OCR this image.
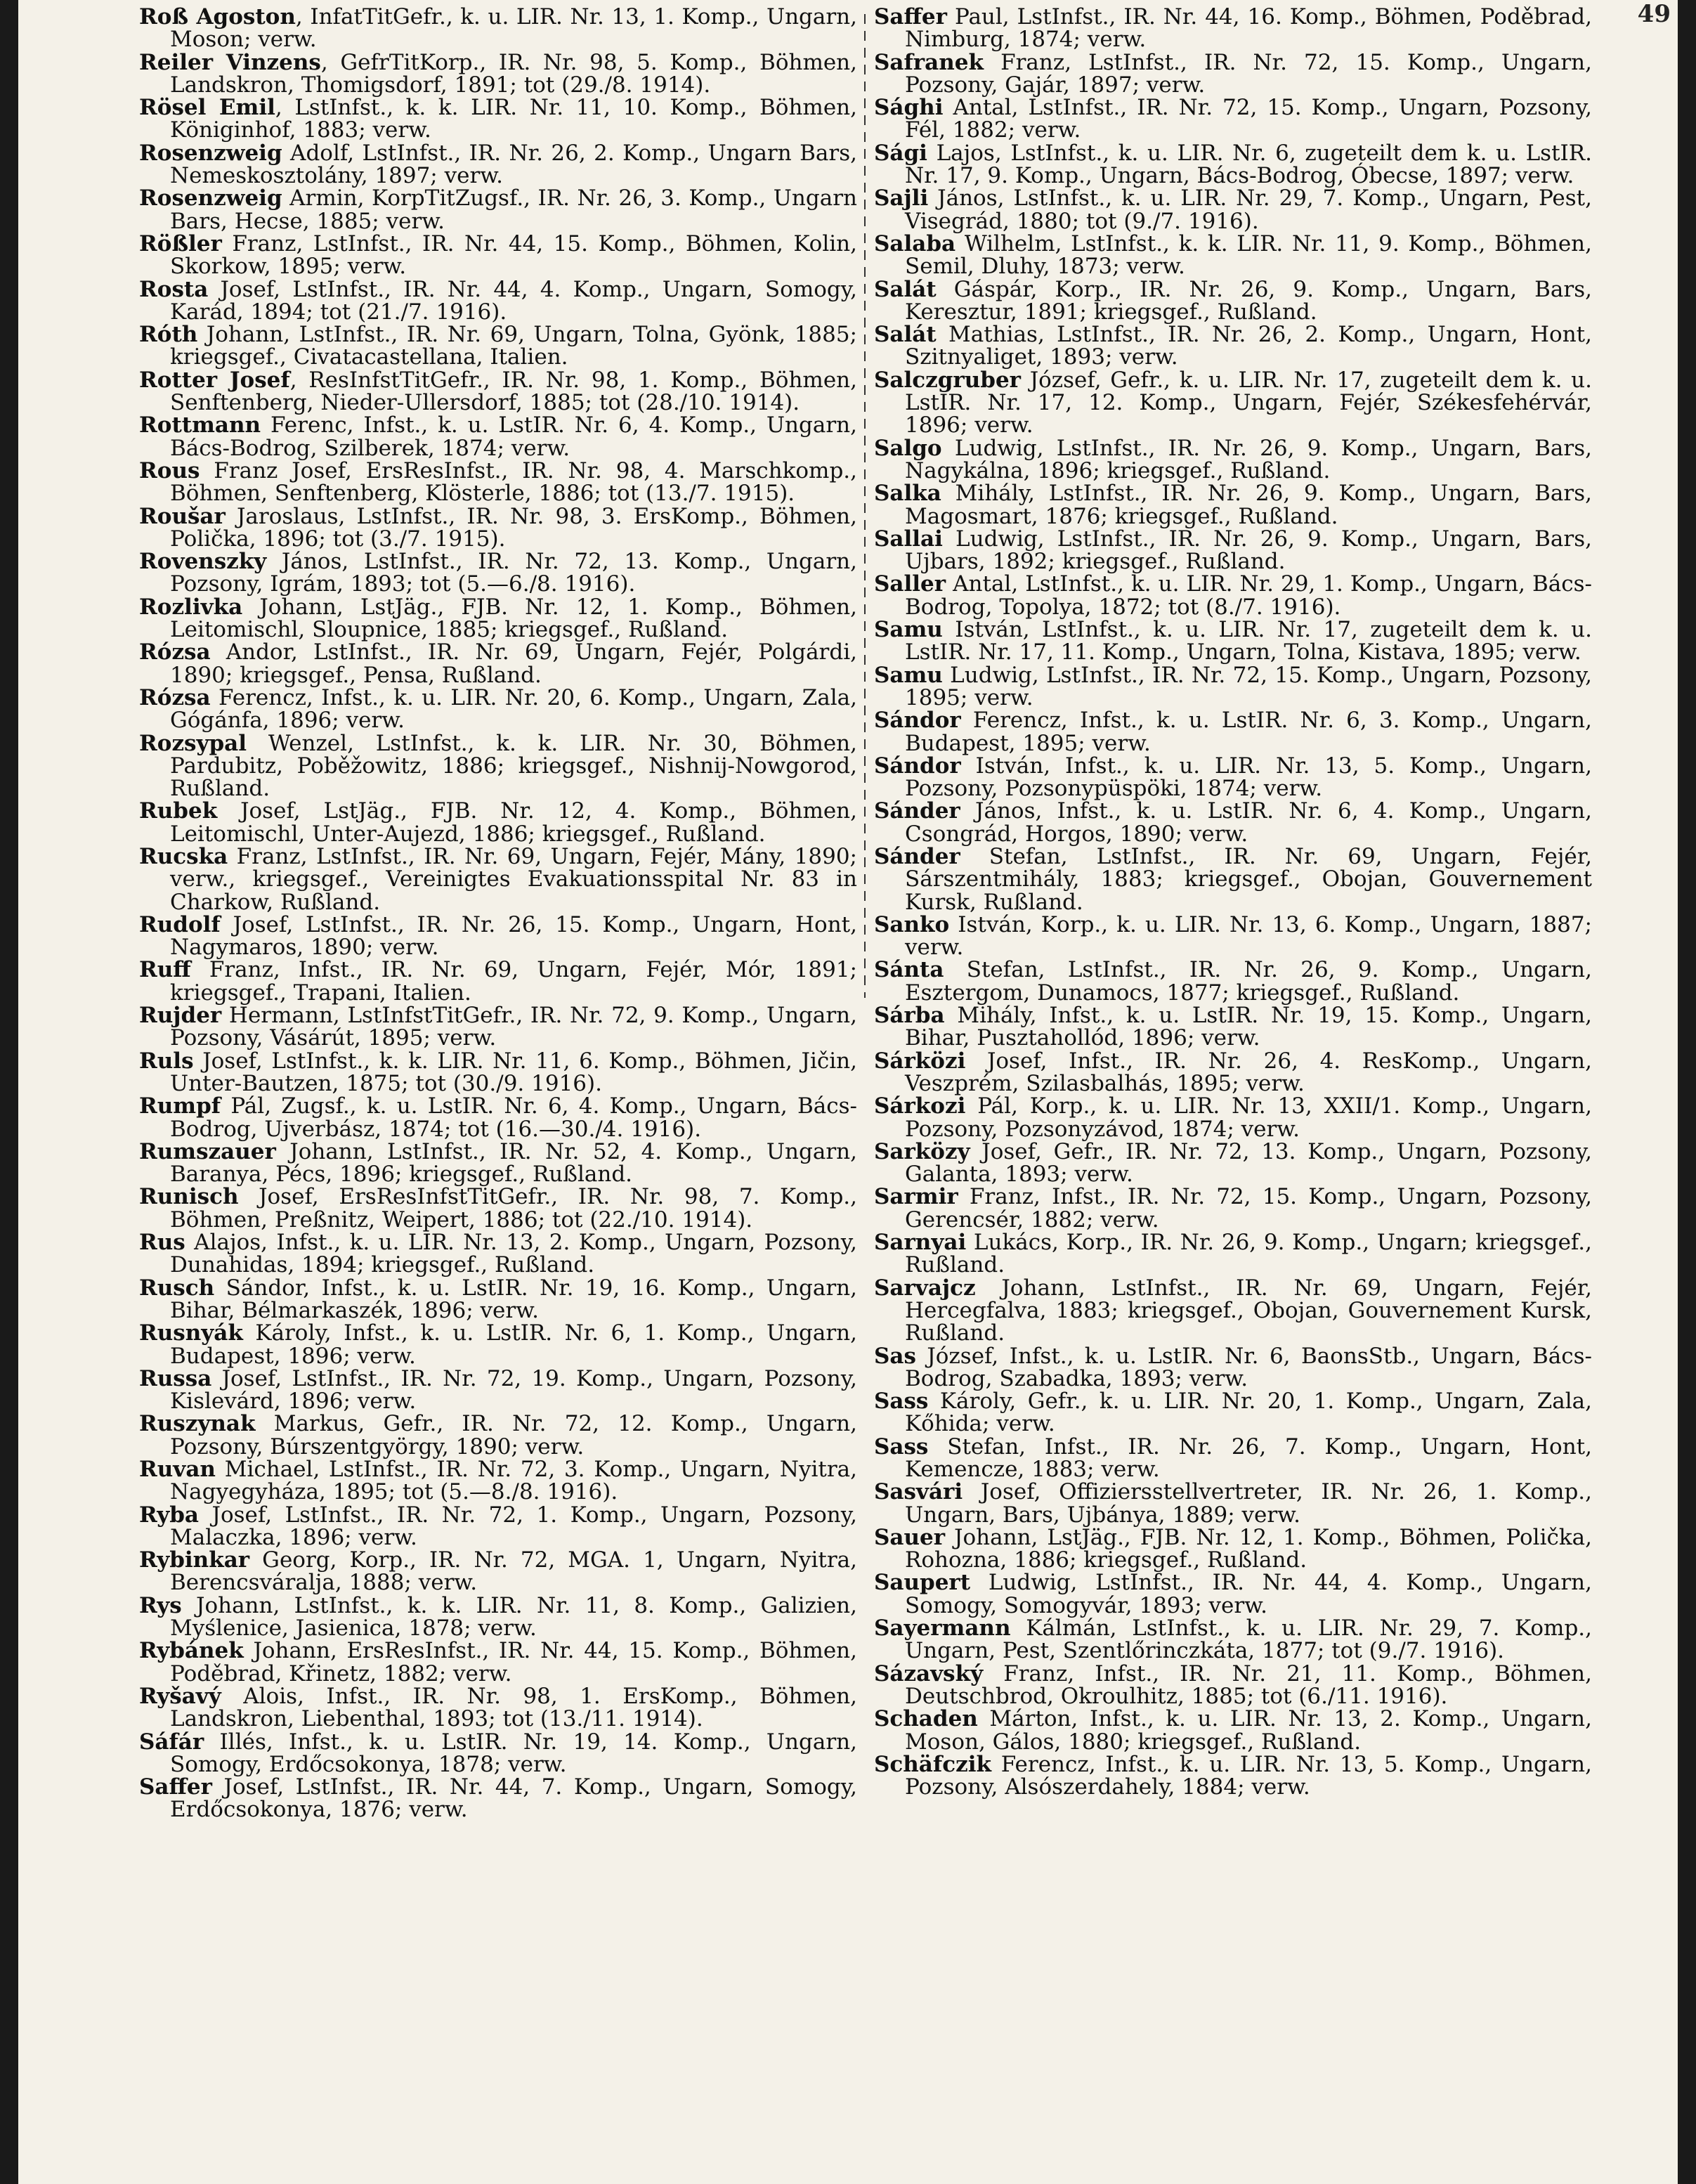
49
Roß Agoston, InfatTitGefr., k. u. LIR. Nr. 13, 1. Komp., Ungarn, Moson; verw.
Reiler Vinzens, GefrTitKorp., IR. Nr. 98, 5. Komp., Böhmen, Landskron, Thomigsdorf, 1891; tot (29./8. 1914).
Rösel Emil, LstInfst., k. k. LIR. Nr. 11, 10. Komp., Böhmen, Königinhof, 1883; verw.
Rosenzweig Adolf, LstInfst., IR. Nr. 26, 2. Komp., Ungarn Bars, Nemeskosztolány, 1897; verw.
Rosenzweig Armin, KorpTitZugsf., IR. Nr. 26, 3. Komp., Ungarn Bars, Hecse, 1885; verw.
Rößler Franz, LstInfst., IR. Nr. 44, 15. Komp., Böhmen, Kolin, Skorkow, 1895; verw.
Rosta Josef, LstInfst., IR. Nr. 44, 4. Komp., Ungarn, Somogy, Karád, 1894; tot (21./7. 1916).
Róth Johann, LstInfst., IR. Nr. 69, Ungarn, Tolna, Gyönk, 1885; kriegsgef., Civatacastellana, Italien.
Rotter Josef, ResInfstTitGefr., IR. Nr. 98, 1. Komp., Böhmen, Senftenberg, Nieder-Ullersdorf, 1885; tot (28./10. 1914).
Rottmann Ferenc, Infst., k. u. LstIR. Nr. 6, 4. Komp., Ungarn, Bács-Bodrog, Szilberek, 1874; verw.
Rous Franz Josef, ErsResInfst., IR. Nr. 98, 4. Marschkomp., Böhmen, Senftenberg, Klösterle, 1886; tot (13./7. 1915).
Roušar Jaroslaus, LstInfst., IR. Nr. 98, 3. ErsKomp., Böhmen, Polička, 1896; tot (3./7. 1915).
Rovenszky János, LstInfst., IR. Nr. 72, 13. Komp., Ungarn, Pozsony, Igrám, 1893; tot (5.—6./8. 1916).
Rozlivka Johann, LstJäg., FJB. Nr. 12, 1. Komp., Böhmen, Leitomischl, Sloupnice, 1885; kriegsgef., Rußland.
Rózsa Andor, LstInfst., IR. Nr. 69, Ungarn, Fejér, Polgárdi, 1890; kriegsgef., Pensa, Rußland.
Rózsa Ferencz, Infst., k. u. LIR. Nr. 20, 6. Komp., Ungarn, Zala, Gógánfa, 1896; verw.
Rozsypal Wenzel, LstInfst., k. k. LIR. Nr. 30, Böhmen, Pardubitz, Poběžowitz, 1886; kriegsgef., Nishnij-Nowgorod, Rußland.
Rubek Josef, LstJäg., FJB. Nr. 12, 4. Komp., Böhmen, Leitomischl, Unter-Aujezd, 1886; kriegsgef., Rußland.
Rucska Franz, LstInfst., IR. Nr. 69, Ungarn, Fejér, Mány, 1890; verw., kriegsgef., Vereinigtes Evakuationsspital Nr. 83 in Charkow, Rußland.
Rudolf Josef, LstInfst., IR. Nr. 26, 15. Komp., Ungarn, Hont, Nagymaros, 1890; verw.
Ruff Franz, Infst., IR. Nr. 69, Ungarn, Fejér, Mór, 1891; kriegsgef., Trapani, Italien.
Rujder Hermann, LstInfstTitGefr., IR. Nr. 72, 9. Komp., Ungarn, Pozsony, Vásárút, 1895; verw.
Ruls Josef, LstInfst., k. k. LIR. Nr. 11, 6. Komp., Böhmen, Jičin, Unter-Bautzen, 1875; tot (30./9. 1916).
Rumpf Pál, Zugsf., k. u. LstIR. Nr. 6, 4. Komp., Ungarn, Bács-Bodrog, Ujverbász, 1874; tot (16.—30./4. 1916).
Rumszauer Johann, LstInfst., IR. Nr. 52, 4. Komp., Ungarn, Baranya, Pécs, 1896; kriegsgef., Rußland.
Runisch Josef, ErsResInfstTitGefr., IR. Nr. 98, 7. Komp., Böhmen, Preßnitz, Weipert, 1886; tot (22./10. 1914).
Rus Alajos, Infst., k. u. LIR. Nr. 13, 2. Komp., Ungarn, Pozsony, Dunahidas, 1894; kriegsgef., Rußland.
Rusch Sándor, Infst., k. u. LstIR. Nr. 19, 16. Komp., Ungarn, Bihar, Bélmarkaszék, 1896; verw.
Rusnyák Károly, Infst., k. u. LstIR. Nr. 6, 1. Komp., Ungarn, Budapest, 1896; verw.
Russa Josef, LstInfst., IR. Nr. 72, 19. Komp., Ungarn, Pozsony, Kislevárd, 1896; verw.
Ruszynak Markus, Gefr., IR. Nr. 72, 12. Komp., Ungarn, Pozsony, Búrszentgyörgy, 1890; verw.
Ruvan Michael, LstInfst., IR. Nr. 72, 3. Komp., Ungarn, Nyitra, Nagyegyháza, 1895; tot (5.—8./8. 1916).
Ryba Josef, LstInfst., IR. Nr. 72, 1. Komp., Ungarn, Pozsony, Malaczka, 1896; verw.
Rybinkar Georg, Korp., IR. Nr. 72, MGA. 1, Ungarn, Nyitra, Berencsváralja, 1888; verw.
Rys Johann, LstInfst., k. k. LIR. Nr. 11, 8. Komp., Galizien, Myślenice, Jasienica, 1878; verw.
Rybánek Johann, ErsResInfst., IR. Nr. 44, 15. Komp., Böhmen, Poděbrad, Křinetz, 1882; verw.
Ryšavý Alois, Infst., IR. Nr. 98, 1. ErsKomp., Böhmen, Landskron, Liebenthal, 1893; tot (13./11. 1914).
Sáfár Illés, Infst., k. u. LstIR. Nr. 19, 14. Komp., Ungarn, Somogy, Erdőcsokonya, 1878; verw.
Saffer Josef, LstInfst., IR. Nr. 44, 7. Komp., Ungarn, Somogy, Erdőcsokonya, 1876; verw.
Saffer Paul, LstInfst., IR. Nr. 44, 16. Komp., Böhmen, Poděbrad, Nimburg, 1874; verw.
Safranek Franz, LstInfst., IR. Nr. 72, 15. Komp., Ungarn, Pozsony, Gajár, 1897; verw.
Sághi Antal, LstInfst., IR. Nr. 72, 15. Komp., Ungarn, Pozsony, Fél, 1882; verw.
Sági Lajos, LstInfst., k. u. LIR. Nr. 6, zugeteilt dem k. u. LstIR. Nr. 17, 9. Komp., Ungarn, Bács-Bodrog, Óbecse, 1897; verw.
Sajli János, LstInfst., k. u. LIR. Nr. 29, 7. Komp., Ungarn, Pest, Visegrád, 1880; tot (9./7. 1916).
Salaba Wilhelm, LstInfst., k. k. LIR. Nr. 11, 9. Komp., Böhmen, Semil, Dluhy, 1873; verw.
Salát Gáspár, Korp., IR. Nr. 26, 9. Komp., Ungarn, Bars, Keresztur, 1891; kriegsgef., Rußland.
Salát Mathias, LstInfst., IR. Nr. 26, 2. Komp., Ungarn, Hont, Szitnyaliget, 1893; verw.
Salczgruber József, Gefr., k. u. LIR. Nr. 17, zugeteilt dem k. u. LstIR. Nr. 17, 12. Komp., Ungarn, Fejér, Székesfehérvár, 1896; verw.
Salgo Ludwig, LstInfst., IR. Nr. 26, 9. Komp., Ungarn, Bars, Nagykálna, 1896; kriegsgef., Rußland.
Salka Mihály, LstInfst., IR. Nr. 26, 9. Komp., Ungarn, Bars, Magosmart, 1876; kriegsgef., Rußland.
Sallai Ludwig, LstInfst., IR. Nr. 26, 9. Komp., Ungarn, Bars, Ujbars, 1892; kriegsgef., Rußland.
Saller Antal, LstInfst., k. u. LIR. Nr. 29, 1. Komp., Ungarn, Bács-Bodrog, Topolya, 1872; tot (8./7. 1916).
Samu István, LstInfst., k. u. LIR. Nr. 17, zugeteilt dem k. u. LstIR. Nr. 17, 11. Komp., Ungarn, Tolna, Kistava, 1895; verw.
Samu Ludwig, LstInfst., IR. Nr. 72, 15. Komp., Ungarn, Pozsony, 1895; verw.
Sándor Ferencz, Infst., k. u. LstIR. Nr. 6, 3. Komp., Ungarn, Budapest, 1895; verw.
Sándor István, Infst., k. u. LIR. Nr. 13, 5. Komp., Ungarn, Pozsony, Pozsonypüspöki, 1874; verw.
Sánder János, Infst., k. u. LstIR. Nr. 6, 4. Komp., Ungarn, Csongrád, Horgos, 1890; verw.
Sánder Stefan, LstInfst., IR. Nr. 69, Ungarn, Fejér, Sárszentmihály, 1883; kriegsgef., Obojan, Gouvernement Kursk, Rußland.
Sanko István, Korp., k. u. LIR. Nr. 13, 6. Komp., Ungarn, 1887; verw.
Sánta Stefan, LstInfst., IR. Nr. 26, 9. Komp., Ungarn, Esztergom, Dunamocs, 1877; kriegsgef., Rußland.
Sárba Mihály, Infst., k. u. LstIR. Nr. 19, 15. Komp., Ungarn, Bihar, Pusztahollód, 1896; verw.
Sárközi Josef, Infst., IR. Nr. 26, 4. ResKomp., Ungarn, Veszprém, Szilasbalhás, 1895; verw.
Sárkozi Pál, Korp., k. u. LIR. Nr. 13, XXII/1. Komp., Ungarn, Pozsony, Pozsonyzávod, 1874; verw.
Sarközy Josef, Gefr., IR. Nr. 72, 13. Komp., Ungarn, Pozsony, Galanta, 1893; verw.
Sarmir Franz, Infst., IR. Nr. 72, 15. Komp., Ungarn, Pozsony, Gerencsér, 1882; verw.
Sarnyai Lukács, Korp., IR. Nr. 26, 9. Komp., Ungarn; kriegsgef., Rußland.
Sarvajcz Johann, LstInfst., IR. Nr. 69, Ungarn, Fejér, Hercegfalva, 1883; kriegsgef., Obojan, Gouvernement Kursk, Rußland.
Sas József, Infst., k. u. LstIR. Nr. 6, BaonsStb., Ungarn, Bács-Bodrog, Szabadka, 1893; verw.
Sass Károly, Gefr., k. u. LIR. Nr. 20, 1. Komp., Ungarn, Zala, Kőhida; verw.
Sass Stefan, Infst., IR. Nr. 26, 7. Komp., Ungarn, Hont, Kemencze, 1883; verw.
Sasvári Josef, Offiziersstellvertreter, IR. Nr. 26, 1. Komp., Ungarn, Bars, Ujbánya, 1889; verw.
Sauer Johann, LstJäg., FJB. Nr. 12, 1. Komp., Böhmen, Polička, Rohozna, 1886; kriegsgef., Rußland.
Saupert Ludwig, LstInfst., IR. Nr. 44, 4. Komp., Ungarn, Somogy, Somogyvár, 1893; verw.
Sayermann Kálmán, LstInfst., k. u. LIR. Nr. 29, 7. Komp., Ungarn, Pest, Szentlőrinczkáta, 1877; tot (9./7. 1916).
Sázavský Franz, Infst., IR. Nr. 21, 11. Komp., Böhmen, Deutschbrod, Okroulhitz, 1885; tot (6./11. 1916).
Schaden Márton, Infst., k. u. LIR. Nr. 13, 2. Komp., Ungarn, Moson, Gálos, 1880; kriegsgef., Rußland.
Schäfczik Ferencz, Infst., k. u. LIR. Nr. 13, 5. Komp., Ungarn, Pozsony, Alsószerdahely, 1884; verw.
